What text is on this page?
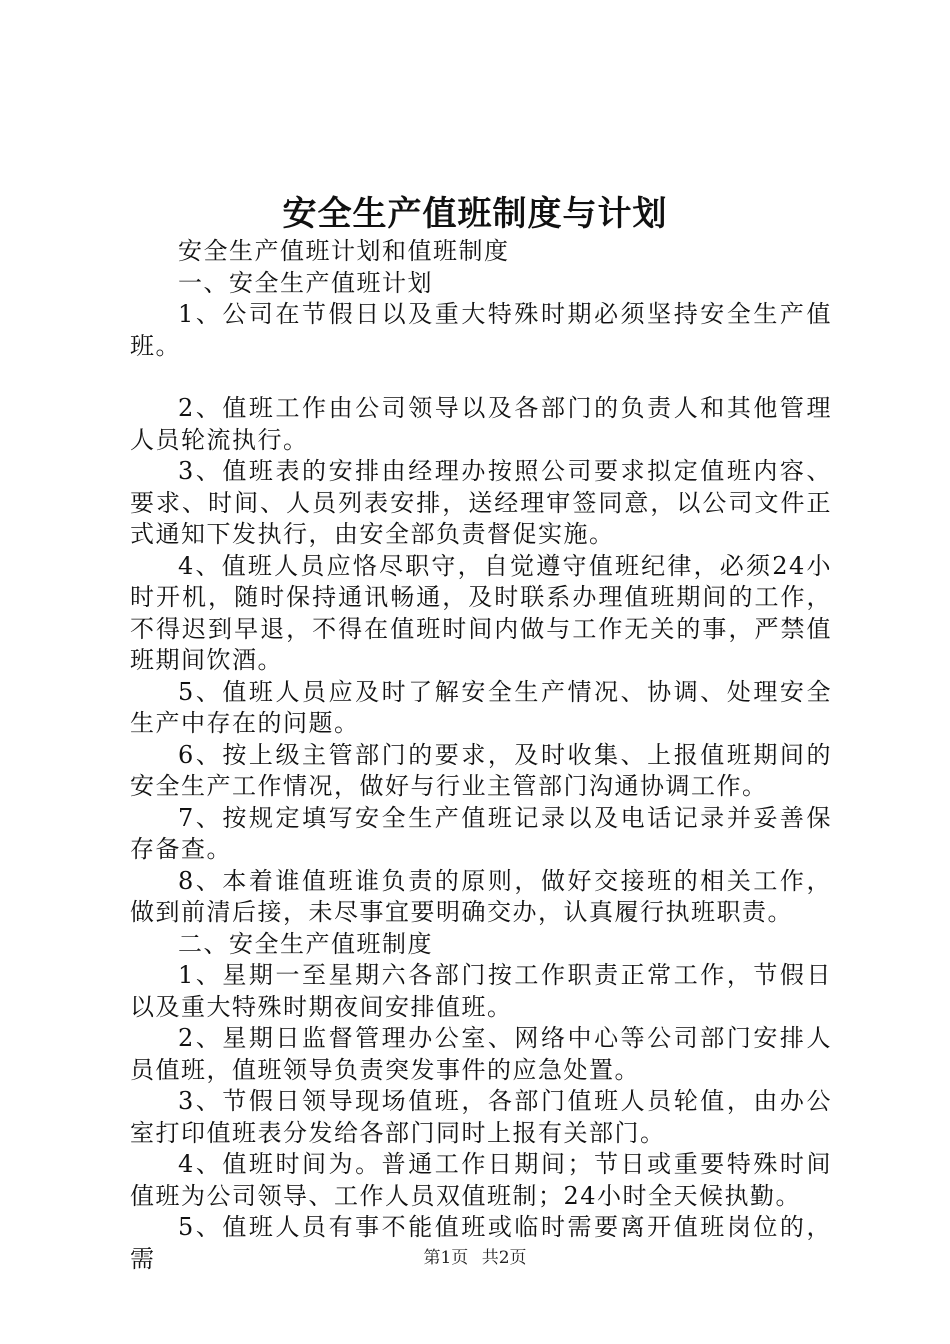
安全生产值班制度与计划

安全生产值班计划和值班制度

一、安全生产值班计划

1、公司在节假日以及重大特殊时期必须坚持安全生产值班。

2、值班工作由公司领导以及各部门的负责人和其他管理人员轮流执行。

3、值班表的安排由经理办按照公司要求拟定值班内容、要求、时间、人员列表安排，送经理审签同意，以公司文件正式通知下发执行，由安全部负责督促实施。

4、值班人员应恪尽职守，自觉遵守值班纪律，必须24小时开机，随时保持通讯畅通，及时联系办理值班期间的工作，不得迟到早退，不得在值班时间内做与工作无关的事，严禁值班期间饮酒。

5、值班人员应及时了解安全生产情况、协调、处理安全生产中存在的问题。

6、按上级主管部门的要求，及时收集、上报值班期间的安全生产工作情况，做好与行业主管部门沟通协调工作。

7、按规定填写安全生产值班记录以及电话记录并妥善保存备查。

8、本着谁值班谁负责的原则，做好交接班的相关工作，做到前清后接，未尽事宜要明确交办，认真履行执班职责。

二、安全生产值班制度

1、星期一至星期六各部门按工作职责正常工作，节假日以及重大特殊时期夜间安排值班。

2、星期日监督管理办公室、网络中心等公司部门安排人员值班，值班领导负责突发事件的应急处置。

3、节假日领导现场值班，各部门值班人员轮值，由办公室打印值班表分发给各部门同时上报有关部门。

4、值班时间为。普通工作日期间；节日或重要特殊时间值班为公司领导、工作人员双值班制；24小时全天候执勤。

5、值班人员有事不能值班或临时需要离开值班岗位的，需	第1页 共2页
